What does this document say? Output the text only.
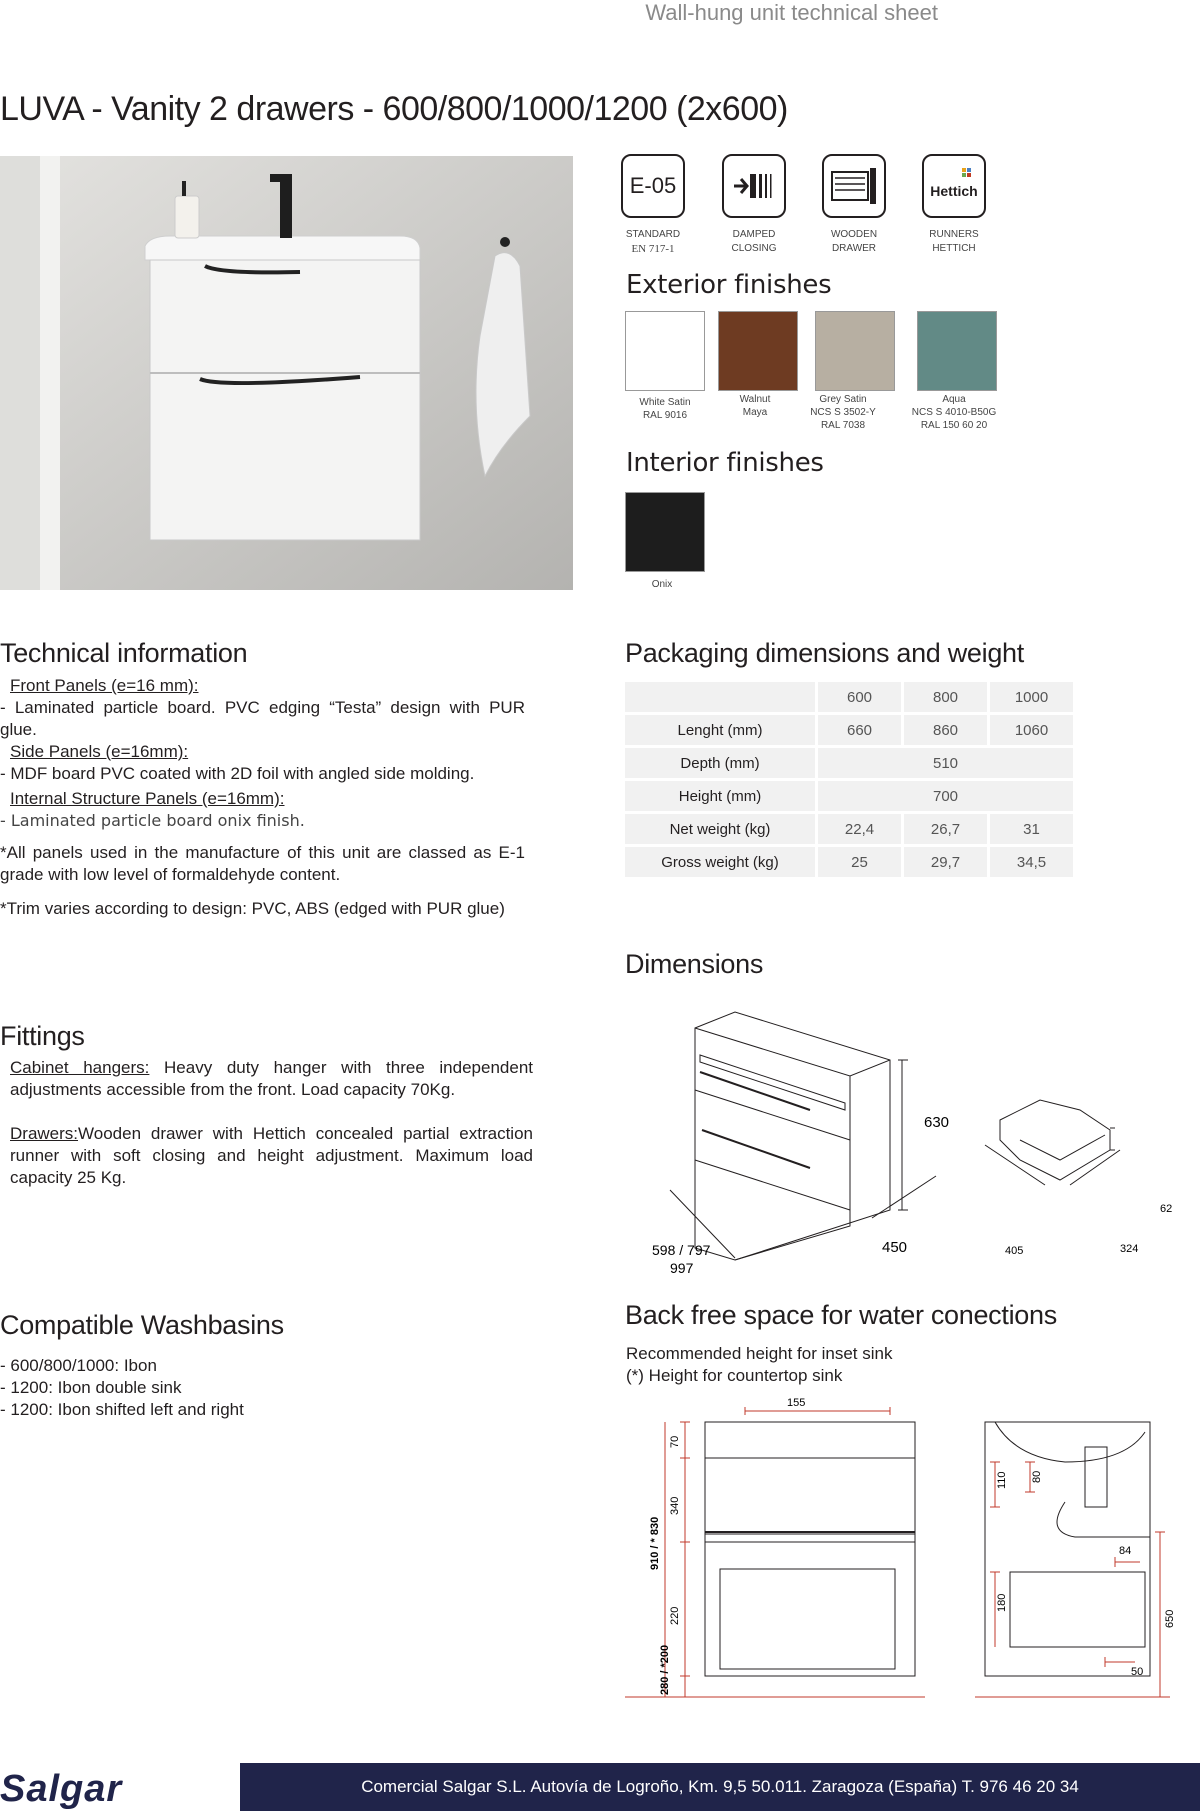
Wall-hung unit technical sheet
LUVA - Vanity 2 drawers - 600/800/1000/1200 (2x600)
E-05	Hettich
STANDARD
EN 717-1
DAMPED
CLOSING
WOODEN
DRAWER
RUNNERS
HETTICH
Exterior finishes
White Satin
RAL 9016
Walnut
Maya
Grey Satin
NCS S 3502-Y
RAL 7038
Aqua
NCS S 4010-B50G
RAL 150 60 20
Interior finishes
Onix
Technical information
Front Panels (e=16 mm):
- Laminated particle board. PVC edging “Testa” design with PUR glue.
Side Panels (e=16mm):
- MDF board PVC coated with 2D foil with angled side molding.
Internal Structure Panels (e=16mm):
- Laminated particle board onix finish.
*All panels used in the manufacture of this unit are classed as E-1 grade with low level of formaldehyde content.
*Trim varies according to design: PVC, ABS (edged with PUR glue)
Packaging dimensions and weight
	600	800	1000
Lenght (mm)	660	860	1060
Depth (mm)	510		
Height (mm)	700		
Net weight (kg)	22,4	26,7	31
Gross weight (kg)	25	29,7	34,5
Dimensions
630
598 / 797
997
450	405	324
62
Fittings
Cabinet hangers: Heavy duty hanger with three independent adjustments accessible from the front. Load capacity 70Kg.
Drawers:Wooden drawer with Hettich concealed partial extraction runner with soft closing and height adjustment. Maximum load capacity 25 Kg.
Compatible Washbasins
- 600/800/1000: Ibon
- 1200: Ibon double sink
- 1200: Ibon shifted left and right
Back free space for water conections
Recommended height for inset sink
(*) Height for countertop sink
155
70
340
910 / * 830
220
280 / *200
110 80
180
84
650
50
Salgar	Comercial Salgar S.L. Autovía de Logroño, Km. 9,5 50.011. Zaragoza (España) T. 976 46 20 34
